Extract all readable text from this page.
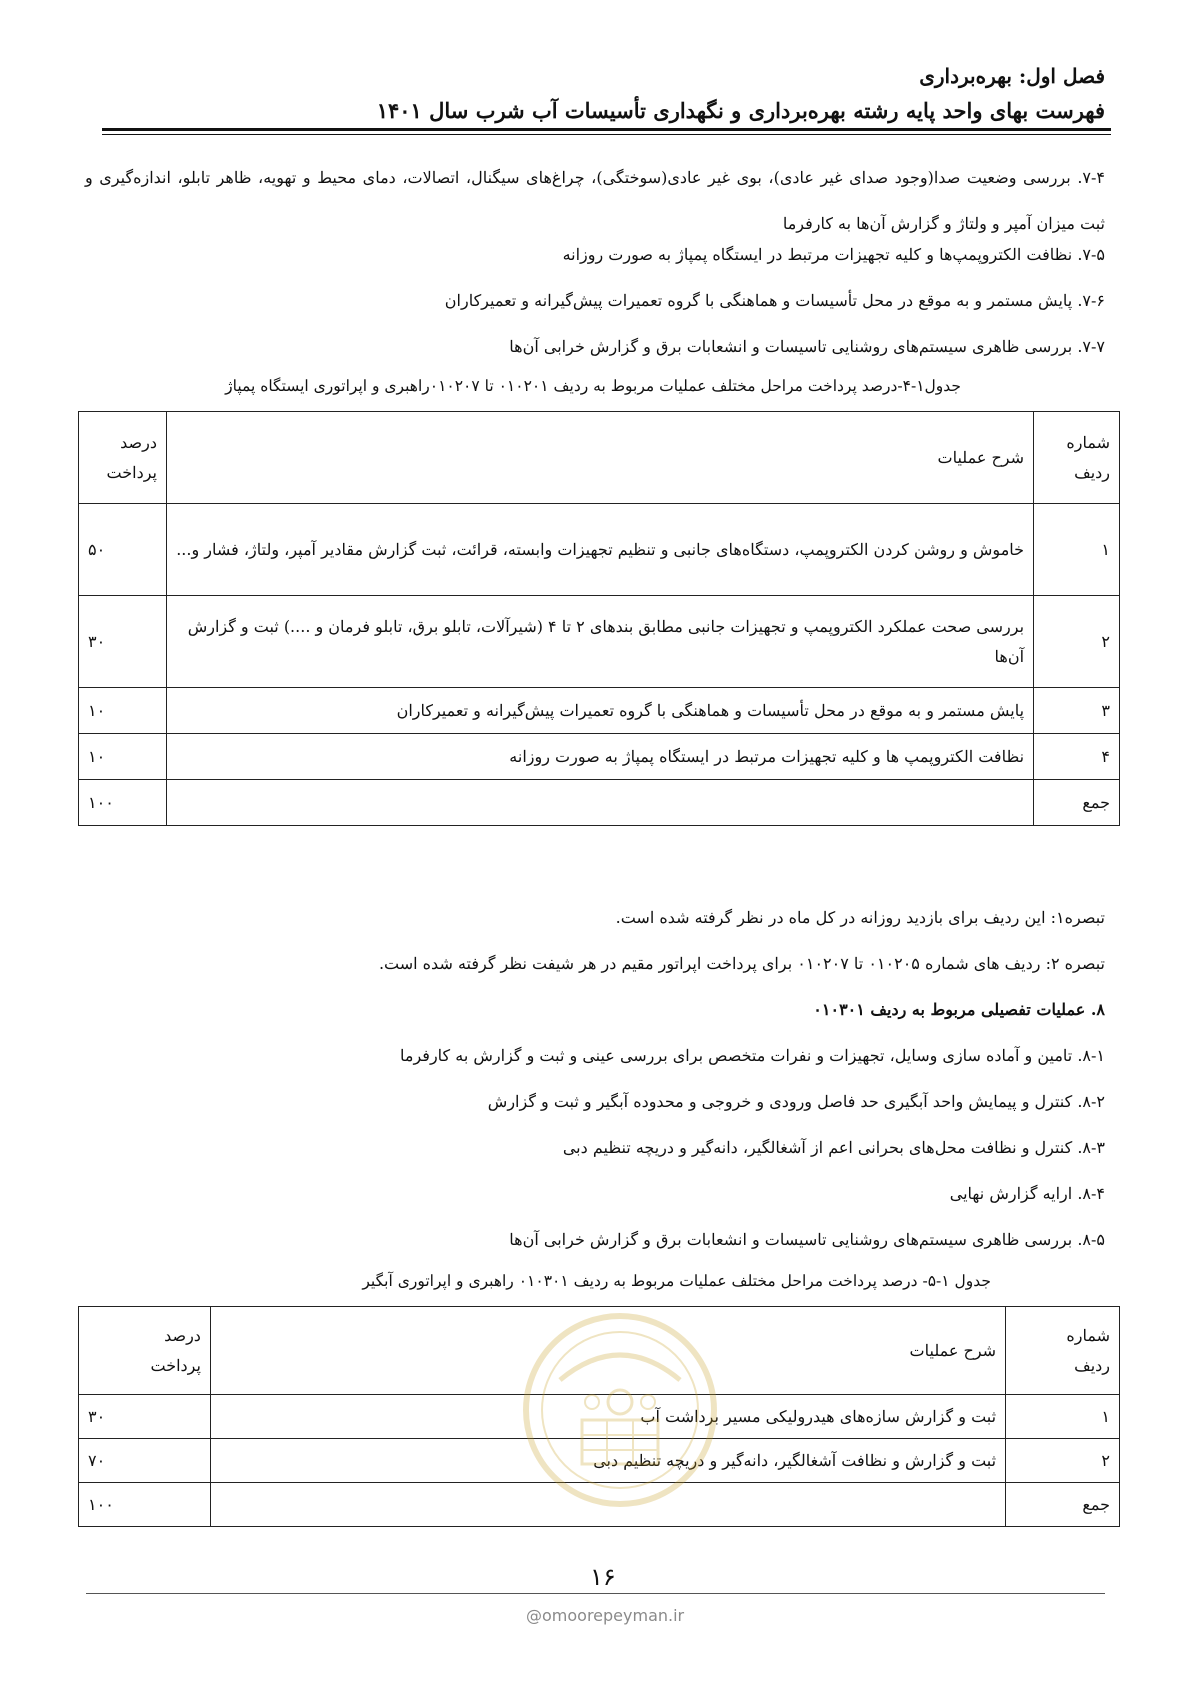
فصل اول: بهره‌برداری
فهرست بهای واحد پایه رشته بهره‌برداری و نگهداری تأسیسات آب شرب سال ۱۴۰۱
۷-۴. بررسی وضعیت صدا(وجود صدای غیر عادی)، بوی غیر عادی(سوختگی)، چراغ‌های سیگنال، اتصالات، دمای محیط و تهویه، ظاهر تابلو، اندازه‌گیری و ثبت میزان آمپر و ولتاژ و گزارش آن‌ها به کارفرما
۷-۵. نظافت الکتروپمپ‌ها و کلیه تجهیزات مرتبط در ایستگاه پمپاژ به صورت روزانه
۷-۶. پایش مستمر و به موقع در محل تأسیسات و هماهنگی با گروه تعمیرات پیش‌گیرانه و تعمیرکاران
۷-۷. بررسی ظاهری سیستم‌های روشنایی تاسیسات و انشعابات برق و گزارش خرابی آن‌ها
جدول۱-۴-درصد پرداخت مراحل مختلف عملیات مربوط به ردیف ۰۱۰۲۰۱ تا ۰۱۰۲۰۷راهبری و اپراتوری ایستگاه پمپاژ
شماره
ردیف	شرح عملیات	درصد
پرداخت
۱	خاموش و روشن کردن الکتروپمپ، دستگاه‌های جانبی و تنظیم تجهیزات وابسته، قرائت، ثبت گزارش مقادیر آمپر، ولتاژ، فشار و...	۵۰
۲	بررسی صحت عملکرد الکتروپمپ و تجهیزات جانبی مطابق بندهای ۲ تا ۴ (شیرآلات، تابلو برق، تابلو فرمان و ....) ثبت و گزارش آن‌ها	۳۰
۳	پایش مستمر و به موقع در محل تأسیسات و هماهنگی با گروه تعمیرات پیش‌گیرانه و تعمیرکاران	۱۰
۴	نظافت الکتروپمپ ها و کلیه تجهیزات مرتبط در ایستگاه پمپاژ به صورت روزانه	۱۰
جمع		۱۰۰
تبصره۱: این ردیف برای بازدید روزانه در کل ماه در نظر گرفته شده است.
تبصره ۲: ردیف های شماره ۰۱۰۲۰۵ تا ۰۱۰۲۰۷ برای پرداخت اپراتور مقیم در هر شیفت نظر گرفته شده است.
۸. عملیات تفصیلی مربوط به ردیف ۰۱۰۳۰۱
۸-۱. تامین و آماده سازی وسایل، تجهیزات و نفرات متخصص برای بررسی عینی و ثبت و گزارش به کارفرما
۸-۲. کنترل و پیمایش واحد آبگیری حد فاصل ورودی و خروجی و محدوده آبگیر و ثبت و گزارش
۸-۳. کنترل و نظافت محل‌های بحرانی اعم از آشغالگیر، دانه‌گیر و دریچه تنظیم دبی
۸-۴. ارایه گزارش نهایی
۸-۵. بررسی ظاهری سیستم‌های روشنایی تاسیسات و انشعابات برق و گزارش خرابی آن‌ها
جدول ۱-۵- درصد پرداخت مراحل مختلف عملیات مربوط به ردیف ۰۱۰۳۰۱ راهبری و اپراتوری آبگیر
شماره
ردیف	شرح عملیات	درصد
پرداخت
۱	ثبت و گزارش سازه‌های هیدرولیکی مسیر برداشت آب	۳۰
۲	ثبت و گزارش و نظافت آشغالگیر، دانه‌گیر و دریچه تنظیم دبی	۷۰
جمع		۱۰۰
۱۶
@omoorepeyman.ir
